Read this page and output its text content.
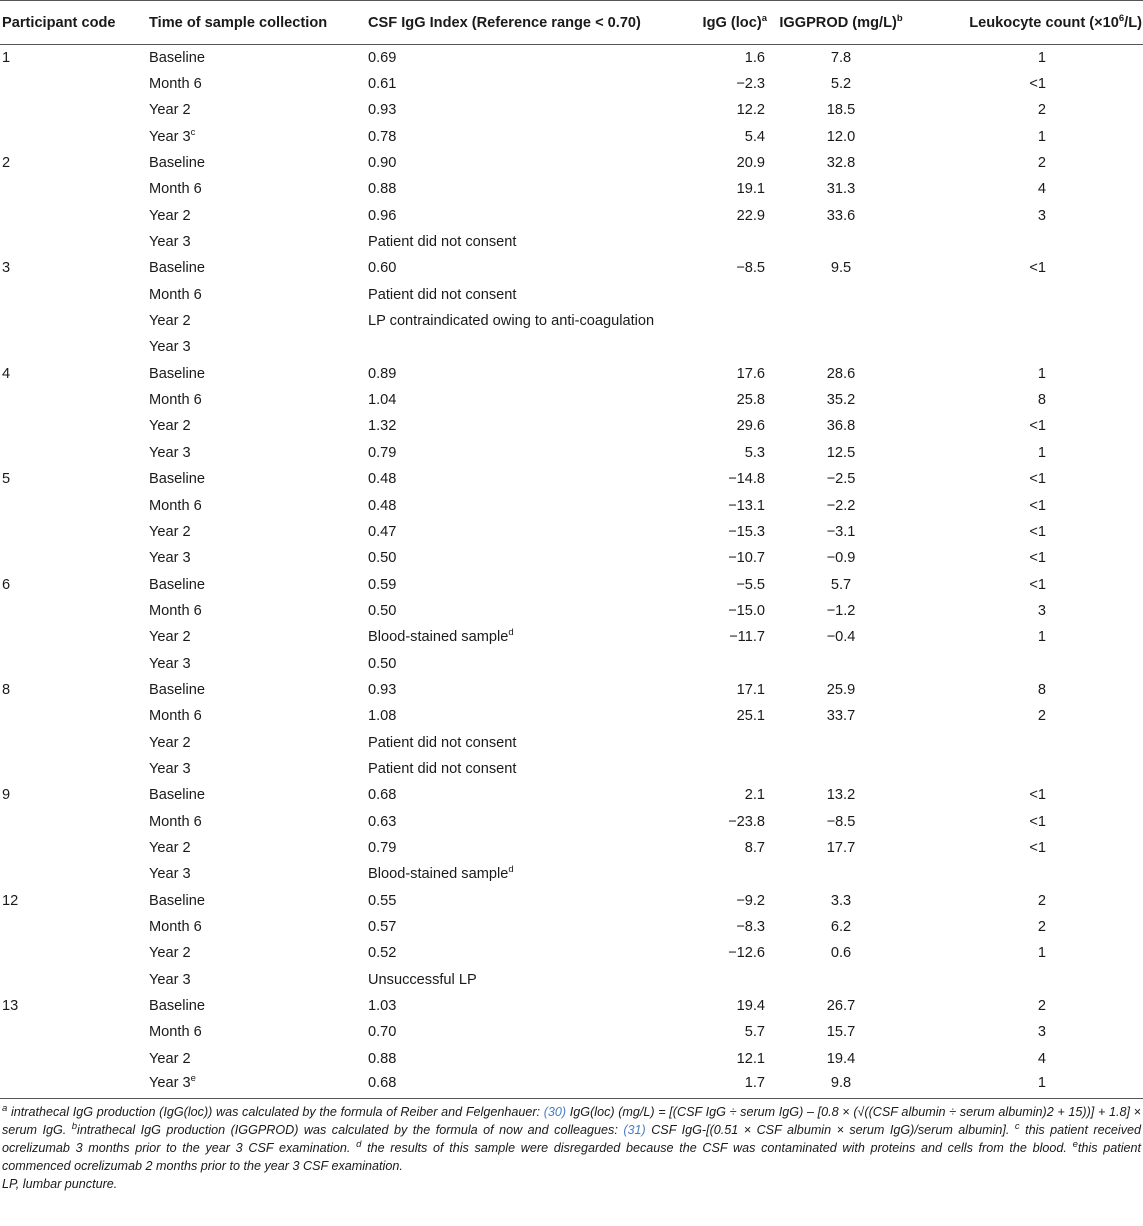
Participant code	Time of sample collection	CSF IgG Index (Reference range < 0.70)	IgG (loc)$^a$	IGGPROD $(mg/L)^b$	Leukocyte count $(\times 10^6/L)$	
1	Baseline	0.69	1.6	7.8	1	
	Month 6	0.61	−2.3	5.2	<1	
	Year 2	0.93	12.2	18.5	2	
	Year 3$^c$	0.78	5.4	12.0	1	
2	Baseline	0.90	20.9	32.8	2	
	Month 6	0.88	19.1	31.3	4	
	Year 2	0.96	22.9	33.6	3	
	Year 3	Patient did not consent				
3	Baseline	0.60	−8.5	9.5	<1	
	Month 6	Patient did not consent				
	Year 2	LP contraindicated owing to anti-coagulation				
	Year 3					
4	Baseline	0.89	17.6	28.6	1	
	Month 6	1.04	25.8	35.2	8	
	Year 2	1.32	29.6	36.8	<1	
	Year 3	0.79	5.3	12.5	1	
5	Baseline	0.48	−14.8	−2.5	<1	
	Month 6	0.48	−13.1	−2.2	<1	
	Year 2	0.47	−15.3	−3.1	<1	
	Year 3	0.50	−10.7	−0.9	<1	
6	Baseline	0.59	−5.5	5.7	<1	
	Month 6	0.50	−15.0	−1.2	3	
	Year 2	Blood-stained sample$^d$	−11.7	−0.4	1	
	Year 3	0.50				
8	Baseline	0.93	17.1	25.9	8	
	Month 6	1.08	25.1	33.7	2	
	Year 2	Patient did not consent				
	Year 3	Patient did not consent				
9	Baseline	0.68	2.1	13.2	<1	
	Month 6	0.63	−23.8	−8.5	<1	
	Year 2	0.79	8.7	17.7	<1	
	Year 3	Blood-stained sample$^d$	
12	Baseline	0.55	−9.2	3.3	2	
	Month 6	0.57	−8.3	6.2	2	
	Year 2	0.52	−12.6	0.6	1	
	Year 3	Unsuccessful LP				
13	Baseline	1.03	19.4	26.7	2	
	Month 6	0.70	5.7	15.7	3	
	Year 2	0.88	12.1	19.4	4	
	Year 3e	0.68	1.7	9.8	1	

$^a$ intrathecal IgG production (IgG(loc)) was calculated by the formula of Reiber and Felgenhauer: (30) IgG(loc) (mg/L) = [(CSF IgG ÷ serum IgG) – [0.8 × (√((CSF albumin ÷ serum albumin)2 + 15))] + 1.8] × serum IgG. $^b$intrathecal IgG production (IGGPROD) was calculated by the formula of now and colleagues: (31) CSF IgG-[(0.51 × CSF albumin × serum IgG)/serum albumin]. $^c$ this patient received ocrelizumab 3 months prior to the year 3 CSF examination. $^d$ the results of this sample were disregarded because the CSF was contaminated with proteins and cells from the blood. $^e$this patient commenced ocrelizumab 2 months prior to the year 3 CSF examination.

LP, lumbar puncture.
